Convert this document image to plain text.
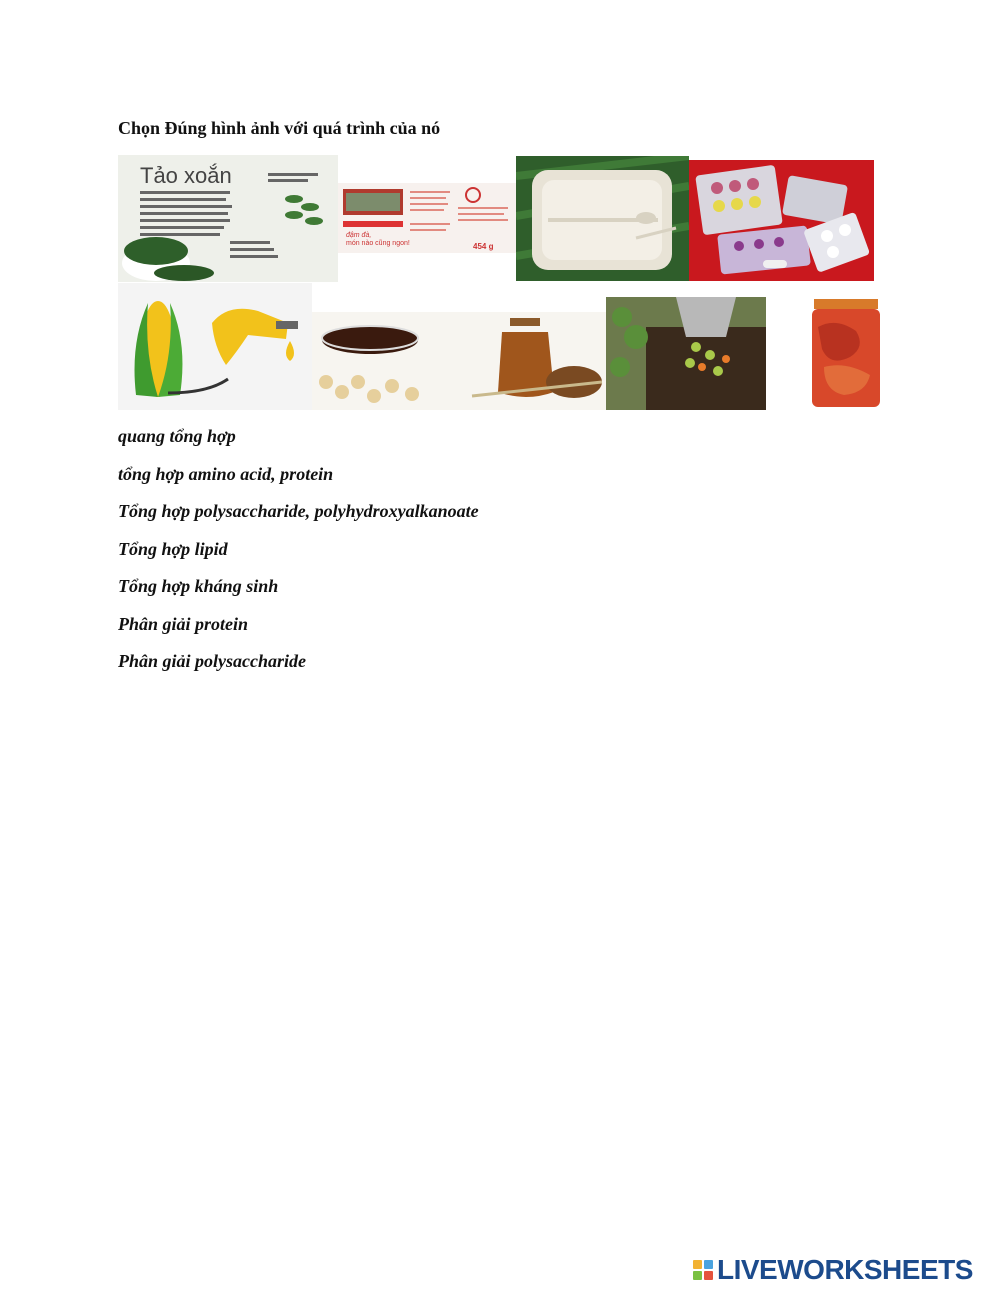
Chọn Đúng hình ảnh với quá trình của nó
Tảo xoắn
đậm đà,
món nào cũng ngon!	454 g
quang tổng hợp
tổng hợp amino acid, protein
Tổng hợp polysaccharide, polyhydroxyalkanoate
Tổng hợp lipid
Tổng hợp kháng sinh
Phân giải protein
Phân giải polysaccharide
LIVEWORKSHEETS
